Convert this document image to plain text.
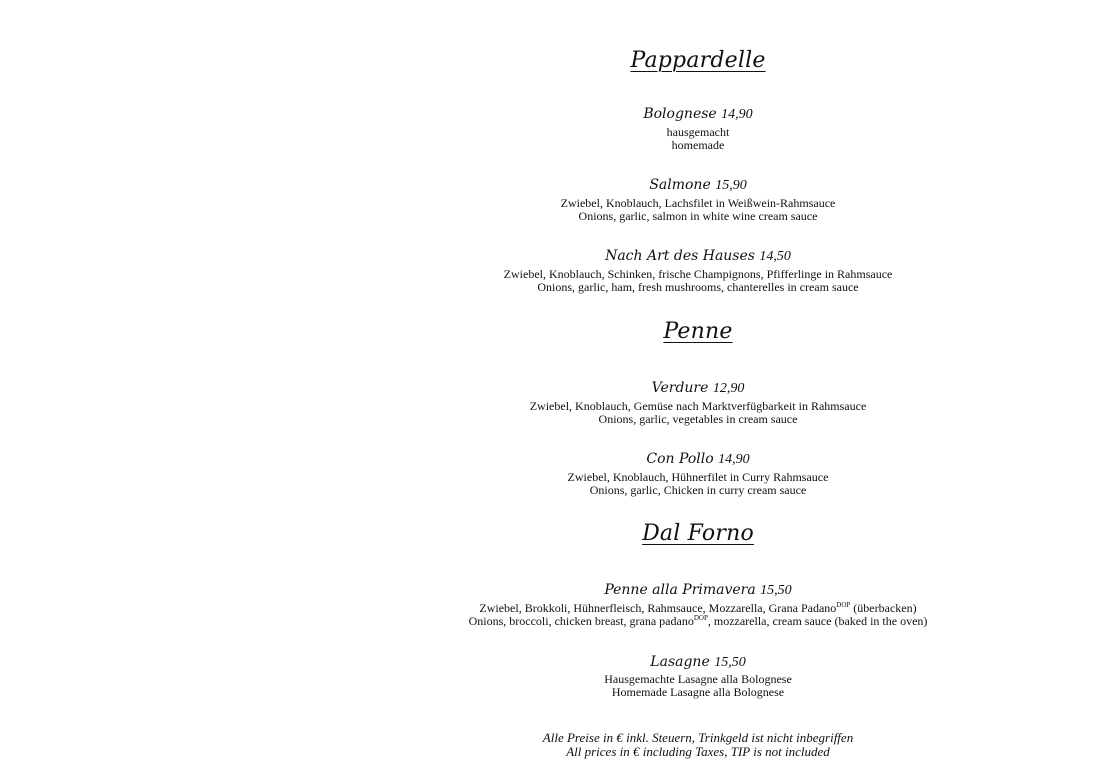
Pappardelle
Bolognese 14,90
hausgemacht
homemade
Salmone 15,90
Zwiebel, Knoblauch, Lachsfilet in Weißwein-Rahmsauce
Onions, garlic, salmon in white wine cream sauce
Nach Art des Hauses 14,50
Zwiebel, Knoblauch, Schinken, frische Champignons, Pfifferlinge in Rahmsauce
Onions, garlic, ham, fresh mushrooms, chanterelles in cream sauce
Penne
Verdure 12,90
Zwiebel, Knoblauch, Gemüse nach Marktverfügbarkeit in Rahmsauce
Onions, garlic, vegetables in cream sauce
Con Pollo 14,90
Zwiebel, Knoblauch, Hühnerfilet in Curry Rahmsauce
Onions, garlic, Chicken in curry cream sauce
Dal Forno
Penne alla Primavera 15,50
Zwiebel, Brokkoli, Hühnerfleisch, Rahmsauce, Mozzarella, Grana Padano$^{DOP}$ (überbacken)
Onions, broccoli, chicken breast, grana padano$^{DOP}$, mozzarella, cream sauce (baked in the oven)
Lasagne 15,50
Hausgemachte Lasagne alla Bolognese
Homemade Lasagne alla Bolognese
Alle Preise in € inkl. Steuern, Trinkgeld ist nicht inbegriffen
All prices in € including Taxes, TIP is not included
